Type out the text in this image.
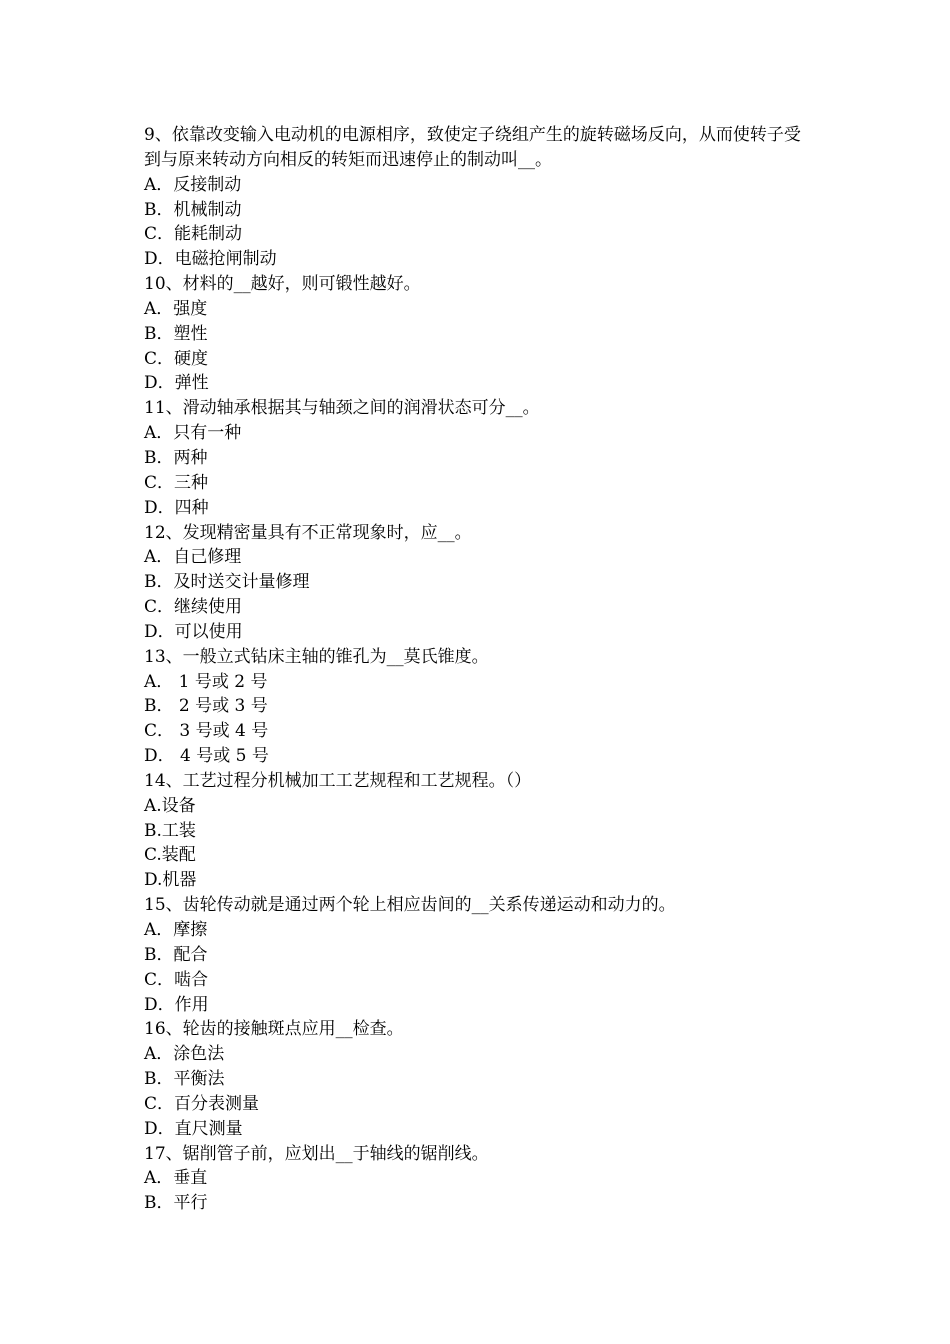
9、依靠改变输入电动机的电源相序，致使定子绕组产生的旋转磁场反向，从而使转子受到与原来转动方向相反的转矩而迅速停止的制动叫__。

A．反接制动

B．机械制动

C．能耗制动

D．电磁抢闸制动

10、材料的__越好，则可锻性越好。

A．强度

B．塑性

C．硬度

D．弹性

11、滑动轴承根据其与轴颈之间的润滑状态可分__。

A．只有一种

B．两种

C．三种

D．四种

12、发现精密量具有不正常现象时，应__。

A．自己修理

B．及时送交计量修理

C．继续使用

D．可以使用

13、一般立式钻床主轴的锥孔为__莫氏锥度。

A． 1 号或 2 号

B． 2 号或 3 号

C． 3 号或 4 号

D． 4 号或 5 号

14、工艺过程分机械加工工艺规程和工艺规程。（）

A.设备

B.工装

C.装配

D.机器

15、齿轮传动就是通过两个轮上相应齿间的__关系传递运动和动力的。

A．摩擦

B．配合

C．啮合

D．作用

16、轮齿的接触斑点应用__检查。

A．涂色法

B．平衡法

C．百分表测量

D．直尺测量

17、锯削管子前，应划出__于轴线的锯削线。

A．垂直

B．平行
